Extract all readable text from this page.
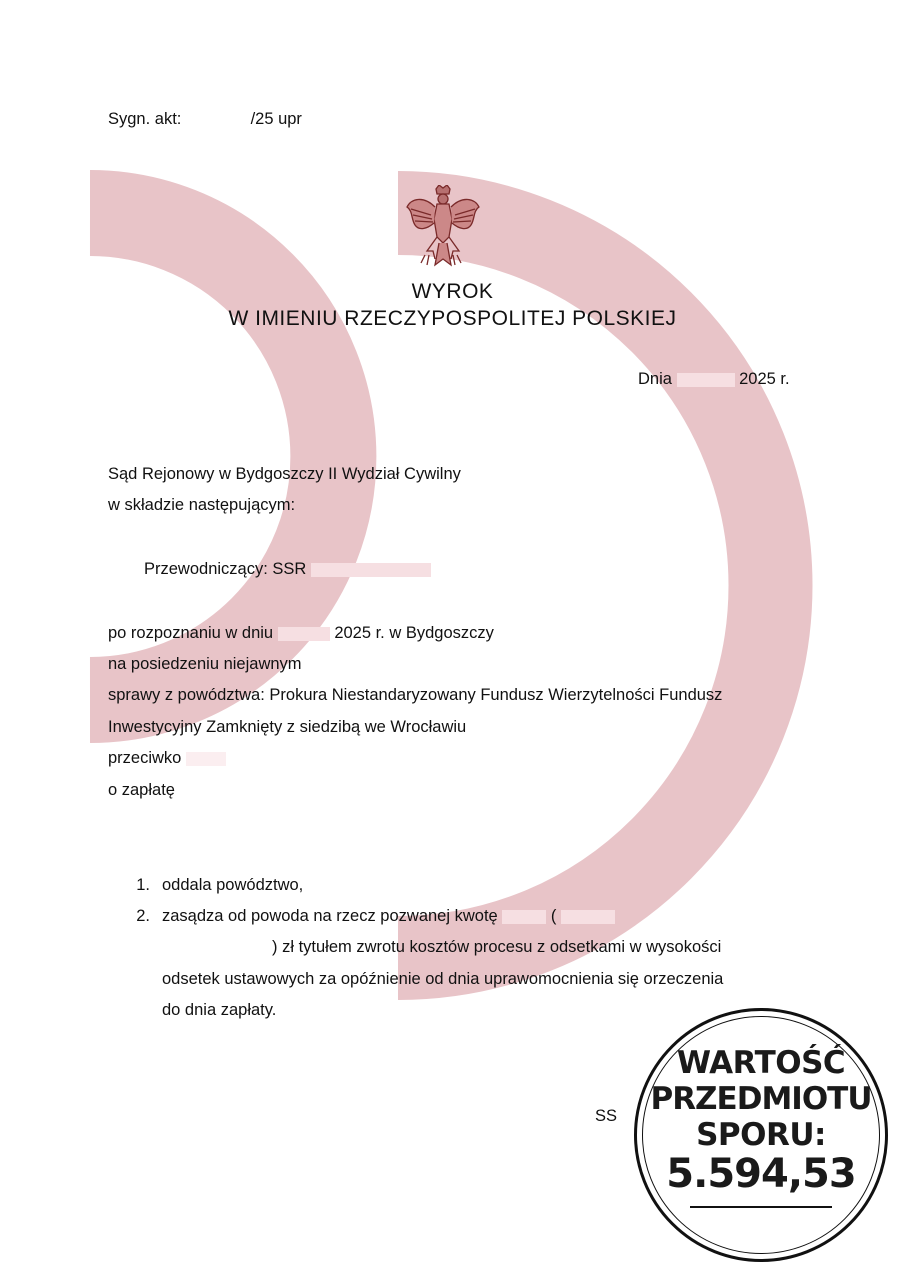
Sygn. akt:	/25 upr
WYROK
W IMIENIU RZECZYPOSPOLITEJ POLSKIEJ
Dnia	2025 r.
Sąd Rejonowy w Bydgoszczy II Wydział Cywilny
w składzie następującym:
Przewodniczący: SSR
po rozpoznaniu w dniu	2025 r. w Bydgoszczy
na posiedzeniu niejawnym
sprawy z powództwa: Prokura Niestandaryzowany Fundusz Wierzytelności Fundusz
Inwestycyjny Zamknięty z siedzibą we Wrocławiu
przeciwko
o zapłatę
1. oddala powództwo,
2. zasądza od powoda na rzecz pozwanej kwotę	(
) zł tytułem zwrotu kosztów procesu z odsetkami w wysokości
odsetek ustawowych za opóźnienie od dnia uprawomocnienia się orzeczenia
do dnia zapłaty.
SS
WARTOŚĆ
PRZEDMIOTU
SPORU:
5.594,53
